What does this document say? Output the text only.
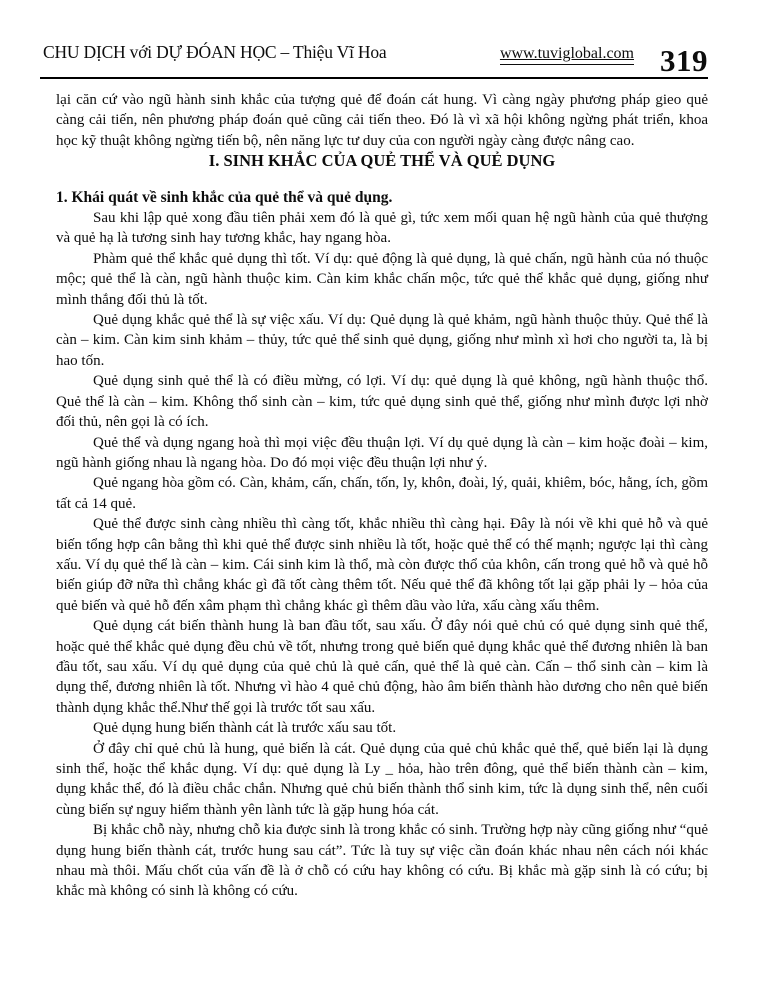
CHU DỊCH với DỰ ĐÓAN HỌC – Thiệu Vĩ Hoa	www.tuviglobal.com 319

lại căn cứ vào ngũ hành sinh khắc của tượng quẻ để đoán cát hung. Vì càng ngày phương pháp gieo quẻ càng cải tiến, nên phương pháp đoán quẻ cũng cải tiến theo. Đó là vì xã hội không ngừng phát triển, khoa học kỹ thuật không ngừng tiến bộ, nên năng lực tư duy của con người ngày càng được nâng cao.

I. SINH KHẮC CỦA QUẺ THỂ VÀ QUẺ DỤNG
1. Khái quát về sinh khắc của quẻ thể và quẻ dụng.

Sau khi lập quẻ xong đầu tiên phải xem đó là quẻ gì, tức xem mối quan hệ ngũ hành của quẻ thượng và quẻ hạ là tương sinh hay tương khắc, hay ngang hòa.

Phàm quẻ thể khắc quẻ dụng thì tốt. Ví dụ: quẻ động là quẻ dụng, là quẻ chấn, ngũ hành của nó thuộc mộc; quẻ thể là càn, ngũ hành thuộc kim. Càn kim khắc chấn mộc, tức quẻ thể khắc quẻ dụng, giống như mình thắng đối thủ là tốt.

Quẻ dụng khắc quẻ thể là sự việc xấu. Ví dụ: Quẻ dụng là quẻ khảm, ngũ hành thuộc thủy. Quẻ thể là càn – kim. Càn kim sinh khảm – thủy, tức quẻ thể sinh quẻ dụng, giống như mình xì hơi cho người ta, là bị hao tốn.

Quẻ dụng sinh quẻ thể là có điều mừng, có lợi. Ví dụ: quẻ dụng là quẻ không, ngũ hành thuộc thổ. Quẻ thể là càn – kim. Không thổ sinh càn – kim, tức quẻ dụng sinh quẻ thể, giống như mình được lợi nhờ đối thủ, nên gọi là có ích.

Quẻ thể và dụng ngang hoà thì mọi việc đều thuận lợi. Ví dụ quẻ dụng là càn – kim hoặc đoài – kim, ngũ hành giống nhau là ngang hòa. Do đó mọi việc đều thuận lợi như ý.

Quẻ ngang hòa gồm có. Càn, khảm, cấn, chấn, tốn, ly, khôn, đoài, lý, quải, khiêm, bóc, hằng, ích, gồm tất cả 14 quẻ.

Quẻ thể được sinh càng nhiều thì càng tốt, khắc nhiều thì càng hại. Đây là nói về khi quẻ hỗ và quẻ biến tổng hợp cân bằng thì khi quẻ thể được sinh nhiều là tốt, hoặc quẻ thể có thế mạnh; ngược lại thì càng xấu. Ví dụ quẻ thể là càn – kim. Cái sinh kim là thổ, mà còn được thổ của khôn, cấn trong quẻ hỗ và quẻ hỗ biến giúp đỡ nữa thì chẳng khác gì đã tốt càng thêm tốt. Nếu quẻ thể đã không tốt lại gặp phải ly – hỏa của quẻ biến và quẻ hỗ đến xâm phạm thì chẳng khác gì thêm dầu vào lửa, xấu càng xấu thêm.

Quẻ dụng cát biến thành hung là ban đầu tốt, sau xấu. Ở đây nói quẻ chủ có quẻ dụng sinh quẻ thể, hoặc quẻ thể khắc quẻ dụng đều chủ về tốt, nhưng trong quẻ biến quẻ dụng khắc quẻ thể đương nhiên là ban đầu tốt, sau xấu. Ví dụ quẻ dụng của quẻ chủ là quẻ cấn, quẻ thể là quẻ càn. Cấn – thổ sinh càn – kim là dụng thể, đương nhiên là tốt. Nhưng vì hào 4 quẻ chủ động, hào âm biến thành hào dương cho nên quẻ biến thành dụng khắc thể.Như thế gọi là trước tốt sau xấu.

Quẻ dụng hung biến thành cát là trước xấu sau tốt.

Ở đây chỉ quẻ chủ là hung, quẻ biến là cát. Quẻ dụng của quẻ chủ khắc quẻ thể, quẻ biến lại là dụng sinh thể, hoặc thể khắc dụng. Ví dụ: quẻ dụng là Ly _ hỏa, hào trên đông, quẻ thể biến thành càn – kim, dụng khắc thể, đó là điều chắc chắn. Nhưng quẻ chủ biến thành thổ sinh kim, tức là dụng sinh thể, nên cuối cùng biến sự nguy hiểm thành yên lành tức là gặp hung hóa cát.

Bị khắc chỗ này, nhưng chỗ kia được sinh là trong khắc có sinh. Trường hợp này cũng giống như “quẻ dụng hung biến thành cát, trước hung sau cát”. Tức là tuy sự việc cần đoán khác nhau nên cách nói khác nhau mà thôi. Mấu chốt của vấn đề là ở chỗ có cứu hay không có cứu. Bị khắc mà gặp sinh là có cứu; bị khắc mà không có sinh là không có cứu.
